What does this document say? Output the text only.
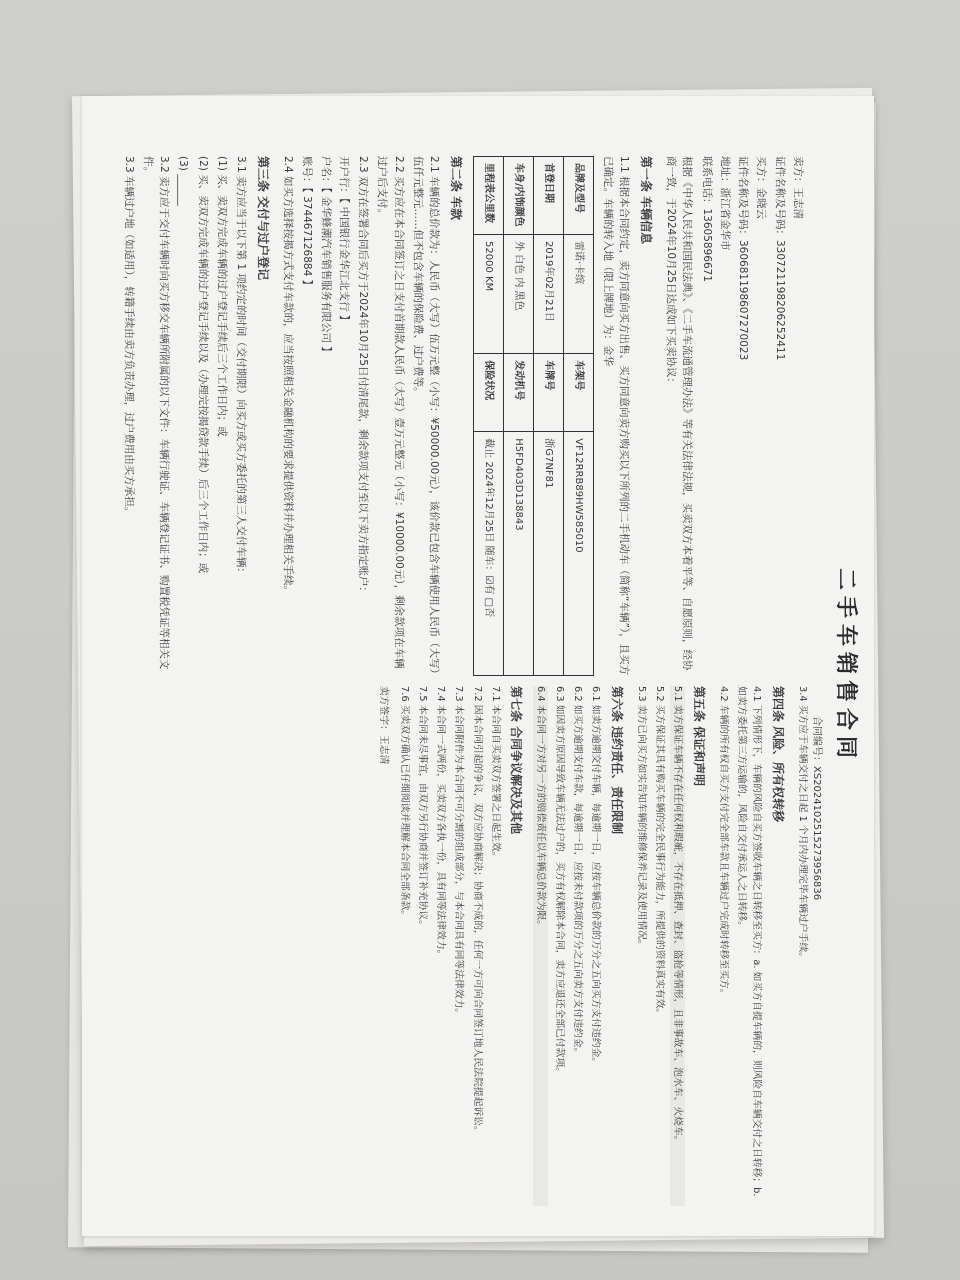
二手车销售合同
合同编号：XS20241025152739568​36
卖方：王志清
证件名称及号码：330721198206252411
买方：金晓云
证件名称及号码：360681198607270023
地址：浙江省金华市
联系电话：13605896671
根据《中华人民共和国民法典》、《二手车流通管理办法》等有关法律法规，买卖双方本着平等、自愿原则，经协商一致，于2024年10月25日达成如下买卖协议：
第一条 车辆信息
1.1 根据本合同约定，卖方同意向买方出售、买方同意向卖方购买以下所列的二手机动车（简称“车辆”），且买方已确定。车辆的转入地（限上牌地）为：金华
品牌及型号	雷诺·卡缤	车架号	VF12RRB89HW585010
首登日期	2019年02月21日	车牌号	浙G7NF81
车身/内饰颜色	外 白色 内 黑色	发动机号	H5FD403D138843
里程表公里数	52000 KM	保险状况	截止 2024年12月25日 随车：☑有 □否
第二条 车款
2.1 车辆的总价款为：人民币（大写）伍万元整（小写：¥50000.00元），该价款已包含车辆使用人民币（大写）伍仟元整元……但不包含车辆的保险费、过户费等。
2.2 买方应在本合同签订之日支付首期款人民币（大写）壹万元整元（小写：¥10000.00元），剩余款项在车辆过户后支付。
2.3 双方在签署合同后买方于2024年10月25日付清尾款，剩余款项支付至以下卖方指定账户：
开户行：【 中国银行金华江北支行 】
户名：【 金华蜂潮汽车销售服务有限公司 】
账号：【 374467126884 】
2.4 如买方选择按揭方式支付车款的，应当按照相关金融机构的要求提供资料并办理相关手续。
第三条 交付与过户登记
3.1 卖方应当于以下第 1 项约定的时间（交付期限）向买方或买方委托的第三人交付车辆：
(1) 买、卖双方完成车辆的过户登记手续后三个工作日内；或
(2) 买、卖双方完成车辆的过户登记手续以及（办理完按揭贷款手续）后三个工作日内；或
(3) ______
3.2 卖方应于交付车辆时向买方移交车辆所附属的以下文件：车辆行驶证、车辆登记证书、购置税凭证等相关文件。
3.3 车辆过户地（如适用），转籍手续由卖方负责办理，过户费用由买方承担。
3.4 买方应于车辆交付之日起 1 个月内办理完毕车辆过户手续。
第四条 风险、所有权转移
4.1 下列情形下，车辆的风险自买方签收车辆之日转移至买方：a. 如买方自提车辆的，则风险自车辆交付之日转移；b. 如卖方委托第三方运输的，风险自交付承运人之日转移。
4.2 车辆的所有权自买方支付完全部车款且车辆过户完成时转移至买方。
第五条 保证和声明
5.1 卖方保证车辆不存在任何权利瑕疵，不存在抵押、查封、盗抢等情形，且非事故车、泡水车、火烧车。
5.2 买方保证其具有购买车辆的完全民事行为能力，所提供的资料真实有效。
5.3 卖方已向买方如实告知车辆的维修保养记录及使用情况。
第六条 违约责任、责任限制
6.1 如卖方逾期交付车辆，每逾期一日，应按车辆总价款的万分之五向买方支付违约金。
6.2 如买方逾期支付车款，每逾期一日，应按未付款项的万分之五向卖方支付违约金。
6.3 如因卖方原因导致车辆无法过户的，买方有权解除本合同，卖方应退还全部已付款项。
6.4 本合同一方对另一方的赔偿责任以车辆总价款为限。
第七条 合同争议解决及其他
7.1 本合同自买卖双方签署之日起生效。
7.2 因本合同引起的争议，双方应协商解决；协商不成的，任何一方可向合同签订地人民法院提起诉讼。
7.3 本合同附件为本合同不可分割的组成部分，与本合同具有同等法律效力。
7.4 本合同一式两份，买卖双方各执一份，具有同等法律效力。
7.5 本合同未尽事宜，由双方另行协商并签订补充协议。
7.6 买卖双方确认已仔细阅读并理解本合同全部条款。
卖方签字：王志清
